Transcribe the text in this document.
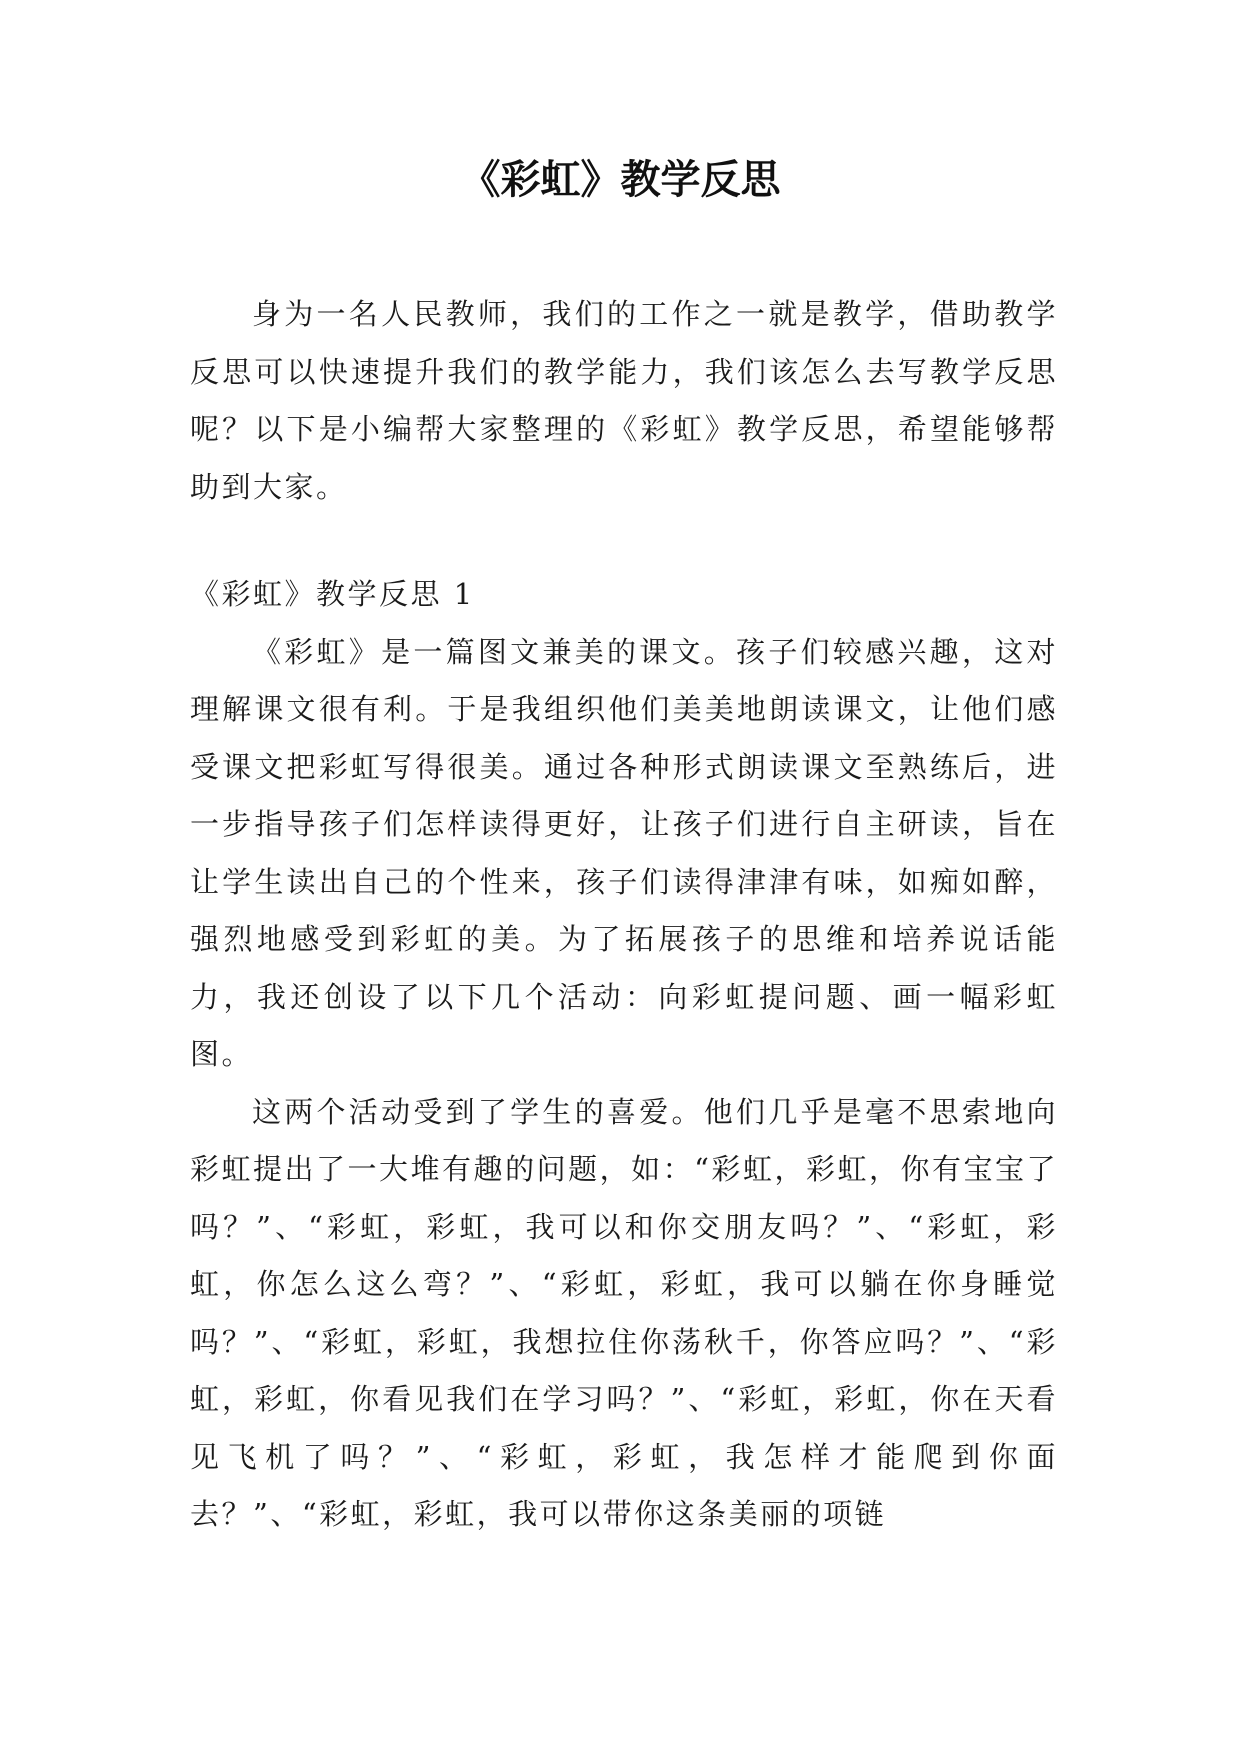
《彩虹》教学反思

身为一名人民教师，我们的工作之一就是教学，借助教学反思可以快速提升我们的教学能力，我们该怎么去写教学反思呢？以下是小编帮大家整理的《彩虹》教学反思，希望能够帮助到大家。

《彩虹》教学反思 1

《彩虹》是一篇图文兼美的课文。孩子们较感兴趣，这对理解课文很有利。于是我组织他们美美地朗读课文，让他们感受课文把彩虹写得很美。通过各种形式朗读课文至熟练后，进一步指导孩子们怎样读得更好，让孩子们进行自主研读，旨在让学生读出自己的个性来，孩子们读得津津有味，如痴如醉，强烈地感受到彩虹的美。为了拓展孩子的思维和培养说话能力，我还创设了以下几个活动：向彩虹提问题、画一幅彩虹图。

这两个活动受到了学生的喜爱。他们几乎是毫不思索地向彩虹提出了一大堆有趣的问题，如：“彩虹，彩虹，你有宝宝了吗？”、“彩虹，彩虹，我可以和你交朋友吗？”、“彩虹，彩虹，你怎么这么弯？”、“彩虹，彩虹，我可以躺在你身睡觉吗？”、“彩虹，彩虹，我想拉住你荡秋千，你答应吗？”、“彩虹，彩虹，你看见我们在学习吗？”、“彩虹，彩虹，你在天看见飞机了吗？”、“彩虹，彩虹，我怎样才能爬到你面去？”、“彩虹，彩虹，我可以带你这条美丽的项链
